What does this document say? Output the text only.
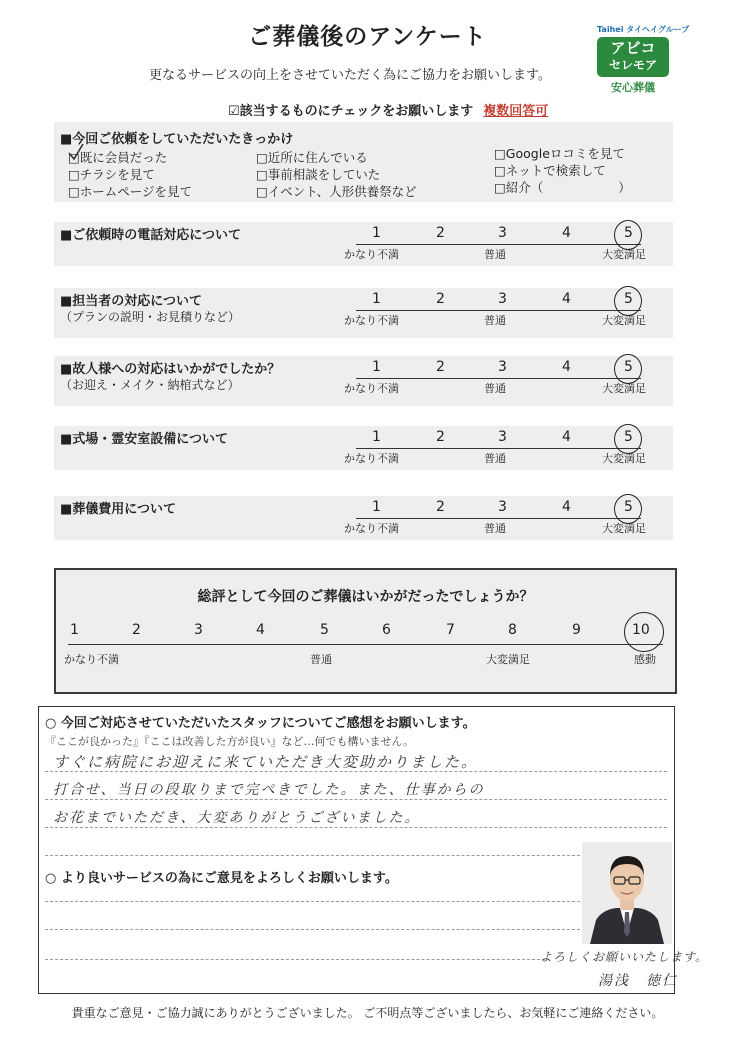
ご葬儀後のアンケート
更なるサービスの向上をさせていただく為にご協力をお願いします。
Taihei タイヘイグループ
アビコ
セレモア
安心葬儀
☑該当するものにチェックをお願いします 複数回答可
■今回ご依頼をしていただいたきっかけ
□既に会員だった
□チラシを見て
□ホームページを見て
□近所に住んでいる
□事前相談をしていた
□イベント、人形供養祭など
□Googleロコミを見て
□ネットで検索して
□紹介（　　　　　　）
■ご依頼時の電話対応について	1	2	3	4	5
かなり不満	普通	大変満足
■担当者の対応について
（プランの説明・お見積りなど）
1	2	3	4	5
かなり不満	普通	大変満足
■故人様への対応はいかがでしたか？
（お迎え・メイク・納棺式など）
1	2	3	4	5
かなり不満	普通	大変満足
■式場・霊安室設備について	1	2	3	4	5
かなり不満	普通	大変満足
■葬儀費用について	1	2	3	4	5
かなり不満	普通	大変満足
総評として今回のご葬儀はいかがだったでしょうか？
1	2	3	4	5	6	7	8	9	10
かなり不満	普通	大変満足	感動
○ 今回ご対応させていただいたスタッフについてご感想をお願いします。
『ここが良かった』『ここは改善した方が良い』など…何でも構いません。
すぐに病院にお迎えに来ていただき大変助かりました。
打合せ、当日の段取りまで完ぺきでした。また、仕事からの
お花までいただき、大変ありがとうございました。
○ より良いサービスの為にご意見をよろしくお願いします。
よろしくお願いいたします。
湯浅　徳仁
貴重なご意見・ご協力誠にありがとうございました。 ご不明点等ございましたら、お気軽にご連絡ください。
